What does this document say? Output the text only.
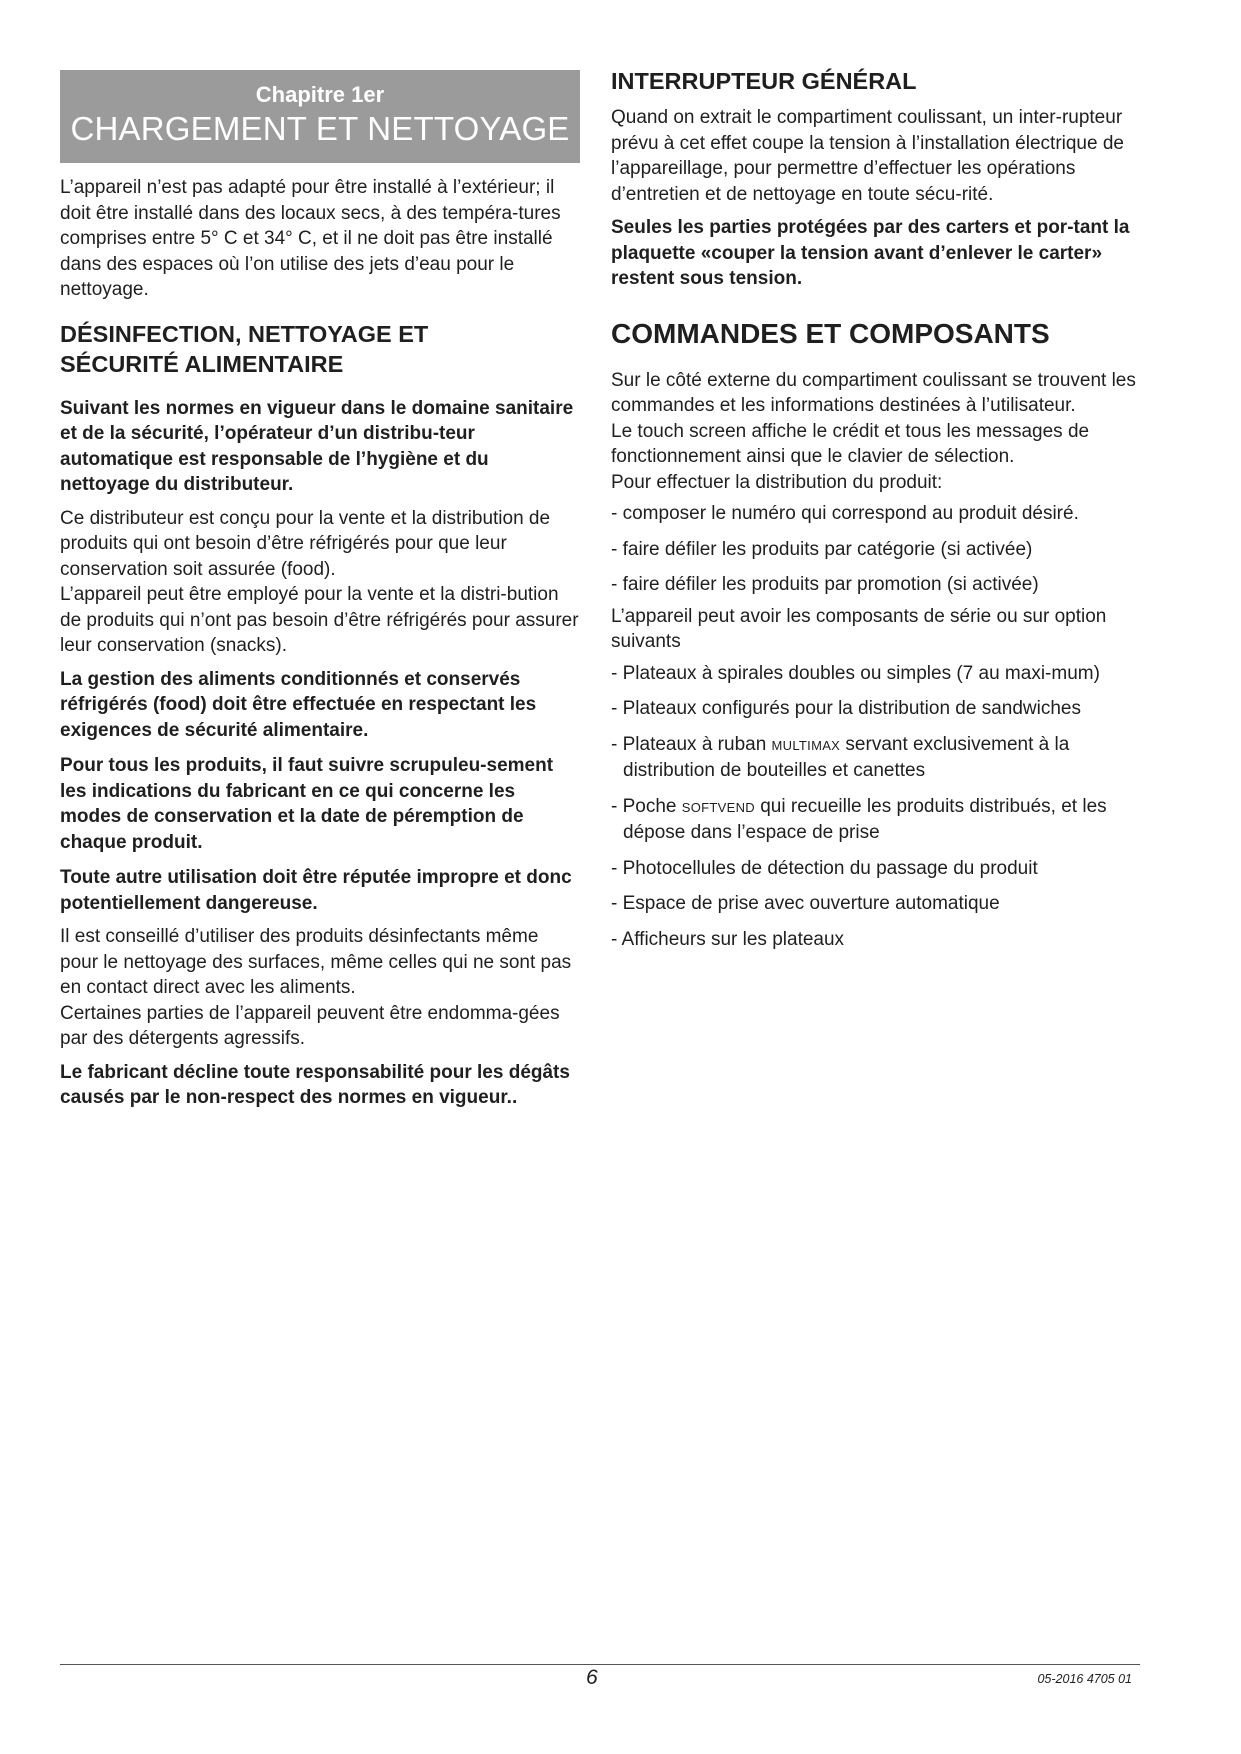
Chapitre 1er
CHARGEMENT ET NETTOYAGE

L’appareil n’est pas adapté pour être installé à l’extérieur; il doit être installé dans des locaux secs, à des tempéra-tures comprises entre 5° C et 34° C, et il ne doit pas être installé dans des espaces où l’on utilise des jets d’eau pour le nettoyage.

DÉSINFECTION, NETTOYAGE ET
SÉCURITÉ ALIMENTAIRE

Suivant les normes en vigueur dans le domaine sanitaire et de la sécurité, l’opérateur d’un distribu-teur automatique est responsable de l’hygiène et du nettoyage du distributeur.

Ce distributeur est conçu pour la vente et la distribution de produits qui ont besoin d’être réfrigérés pour que leur conservation soit assurée (food).

L’appareil peut être employé pour la vente et la distri-bution de produits qui n’ont pas besoin d’être réfrigérés pour assurer leur conservation (snacks).

La gestion des aliments conditionnés et conservés réfrigérés (food) doit être effectuée en respectant les exigences de sécurité alimentaire.

Pour tous les produits, il faut suivre scrupuleu-sement les indications du fabricant en ce qui concerne les modes de conservation et la date de péremption de chaque produit.

Toute autre utilisation doit être réputée impropre et donc potentiellement dangereuse.

Il est conseillé d’utiliser des produits désinfectants même pour le nettoyage des surfaces, même celles qui ne sont pas en contact direct avec les aliments.

Certaines parties de l’appareil peuvent être endomma-gées par des détergents agressifs.

Le fabricant décline toute responsabilité pour les dégâts causés par le non-respect des normes en vigueur..

INTERRUPTEUR GÉNÉRAL

Quand on extrait le compartiment coulissant, un inter-rupteur prévu à cet effet coupe la tension à l’installation électrique de l’appareillage, pour permettre d’effectuer les opérations d’entretien et de nettoyage en toute sécu-rité.

Seules les parties protégées par des carters et por-tant la plaquette «couper la tension avant d’enlever le carter» restent sous tension.

COMMANDES ET COMPOSANTS

Sur le côté externe du compartiment coulissant se trouvent les commandes et les informations destinées à l’utilisateur.

Le touch screen affiche le crédit et tous les messages de fonctionnement ainsi que le clavier de sélection.

Pour effectuer la distribution du produit:

- composer le numéro qui correspond au produit désiré.
- faire défiler les produits par catégorie (si activée)
- faire défiler les produits par promotion (si activée)

L’appareil peut avoir les composants de série ou sur option suivants

- Plateaux à spirales doubles ou simples (7 au maxi-mum)
- Plateaux configurés pour la distribution de sandwiches
- Plateaux à ruban MULTIMAX servant exclusivement à la distribution de bouteilles et canettes
- Poche SOFTVEND qui recueille les produits distribués, et les dépose dans l’espace de prise
- Photocellules de détection du passage du produit
- Espace de prise avec ouverture automatique
- Afficheurs sur les plateaux
6	05-2016 4705 01
